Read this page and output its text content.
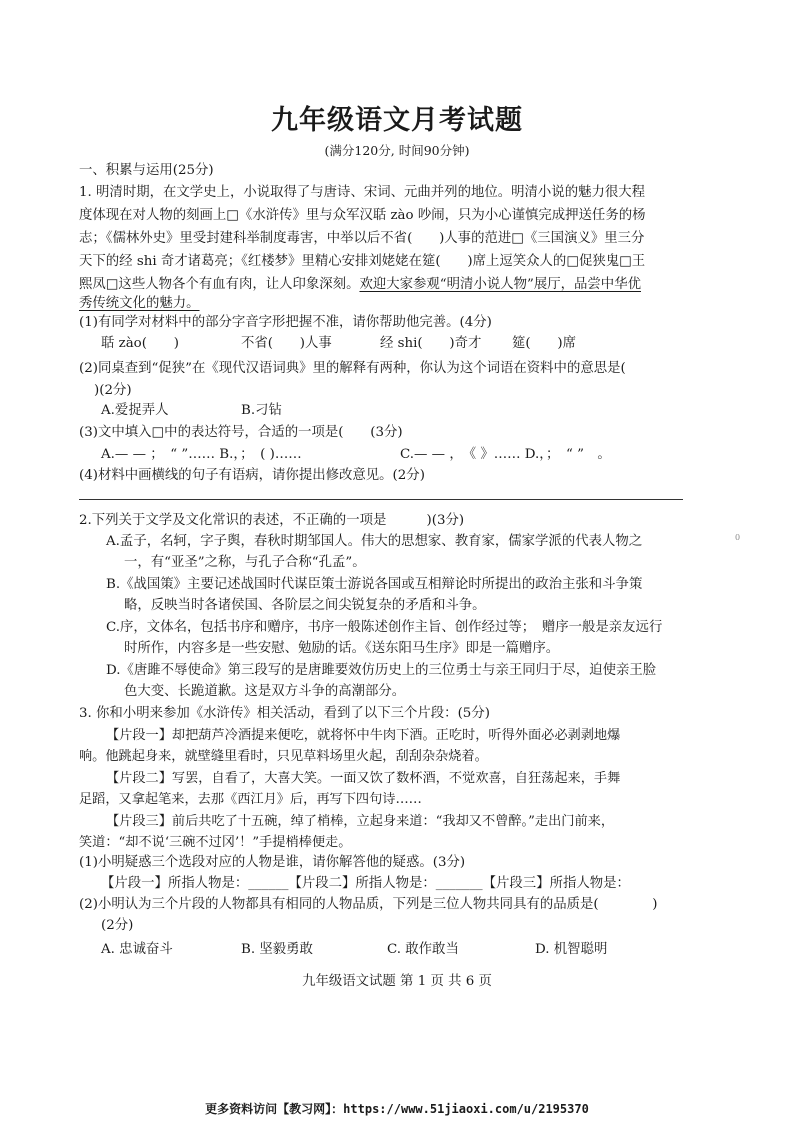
九年级语文月考试题
(满分120分, 时间90分钟)
一、积累与运用(25分)
1. 明清时期，在文学史上，小说取得了与唐诗、宋词、元曲并列的地位。明清小说的魅力很大程
度体现在对人物的刻画上□《水浒传》里与众军汉聒 zào 吵闹，只为小心谨慎完成押送任务的杨
志；《儒林外史》里受封建科举制度毒害，中举以后不省(　　)人事的范进□《三国演义》里三分
天下的经 shi 奇才诸葛亮；《红楼梦》里精心安排刘姥姥在筵(　　)席上逗笑众人的□促狭鬼□王
熙凤□这些人物各个有血有肉，让人印象深刻。欢迎大家参观“明清小说人物”展厅，品尝中华优
秀传统文化的魅力。
(1)有同学对材料中的部分字音字形把握不准，请你帮助他完善。(4分)
聒 zào(　　)	不省(　　)人事	经 shi(　　)奇才 筵(　　)席
(2)同桌查到“促狭”在《现代汉语词典》里的解释有两种，你认为这个词语在资料中的意思是(
)(2分)
A.爱捉弄人	B.刁钻
(3)文中填入□中的表达符号，合适的一项是(　　(3分)
A.— — ；　“ ”…… B.，；　( )……	C.— — ，　《 》…… D.，；　“ ”　。
(4)材料中画横线的句子有语病，请你提出修改意见。(2分)
2.下列关于文学及文化常识的表述，不正确的一项是　　　)(3分)
A.孟子，名轲，字子舆，春秋时期邹国人。伟大的思想家、教育家，儒家学派的代表人物之
一，有“亚圣”之称，与孔子合称“孔孟”。
B.《战国策》主要记述战国时代谋臣策士游说各国或互相辩论时所提出的政治主张和斗争策
略，反映当时各诸侯国、各阶层之间尖锐复杂的矛盾和斗争。
C.序，文体名，包括书序和赠序，书序一般陈述创作主旨、创作经过等；　赠序一般是亲友远行
时所作，内容多是一些安慰、勉励的话。《送东阳马生序》即是一篇赠序。
D.《唐雎不辱使命》第三段写的是唐雎要效仿历史上的三位勇士与亲王同归于尽，迫使亲王脸
色大变、长跪道歉。这是双方斗争的高潮部分。
3. 你和小明来参加《水浒传》相关活动，看到了以下三个片段：(5分)
【片段一】却把葫芦冷酒提来便吃，就将怀中牛肉下酒。正吃时，听得外面必必剥剥地爆
响。他跳起身来，就壁缝里看时，只见草料场里火起，刮刮杂杂烧着。
【片段二】写罢，自看了，大喜大笑。一面又饮了数杯酒，不觉欢喜，自狂荡起来，手舞
足蹈，又拿起笔来，去那《西江月》后，再写下四句诗……
【片段三】前后共吃了十五碗，绰了梢棒，立起身来道：“我却又不曾醉。”走出门前来，
笑道：“却不说‘三碗不过冈’！”手提梢棒便走。
(1)小明疑惑三个选段对应的人物是谁，请你解答他的疑惑。(3分)
【片段一】所指人物是：______【片段二】所指人物是：_______【片段三】所指人物是：
(2)小明认为三个片段的人物都具有相同的人物品质，下列是三位人物共同具有的品质是(　　　　)
(2分)
A. 忠诚奋斗	B. 坚毅勇敢	C. 敢作敢当	D. 机智聪明
九年级语文试题 第 1 页 共 6 页
更多资料访问【教习网】：https://www.51jiaoxi.com/u/2195370
0
